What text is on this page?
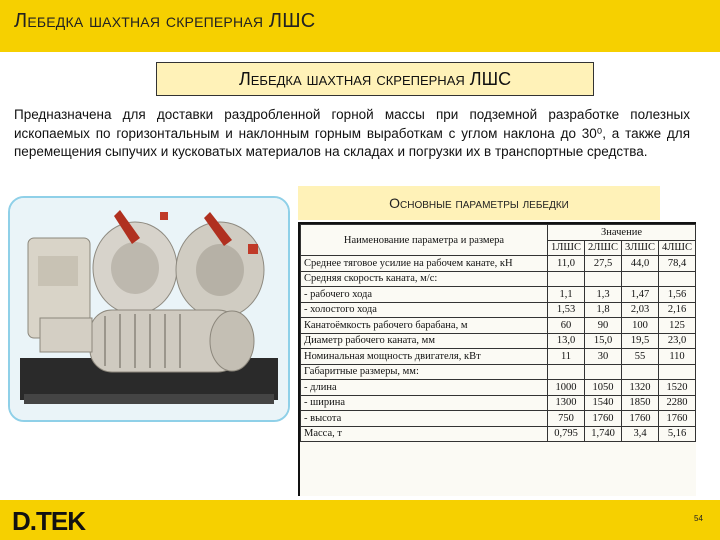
Лебедка шахтная скреперная ЛШС
Лебедка шахтная скреперная ЛШС

Предназначена для доставки раздробленной горной массы при подземной разработке полезных ископаемых по горизонтальным и наклонным горным выработкам с углом наклона до 30⁰, а также для перемещения сыпучих и кусковатых материалов на складах и погрузки их в транспортные средства.

Основные параметры лебедки
Наименование параметра и размера	Значение			
	1ЛШС	2ЛШС	3ЛШС	4ЛШС
Среднее тяговое усилие на рабочем канате, кН	11,0	27,5	44,0	78,4
Средняя скорость каната, м/с:				
- рабочего хода	1,1	1,3	1,47	1,56
- холостого хода	1,53	1,8	2,03	2,16
Канатоёмкость рабочего барабана, м	60	90	100	125
Диаметр рабочего каната, мм	13,0	15,0	19,5	23,0
Номинальная мощность двигателя, кВт	11	30	55	110
Габаритные размеры, мм:				
- длина	1000	1050	1320	1520
- ширина	1300	1540	1850	2280
- высота	750	1760	1760	1760
Масса, т	0,795	1,740	3,4	5,16
D.TEK	54
